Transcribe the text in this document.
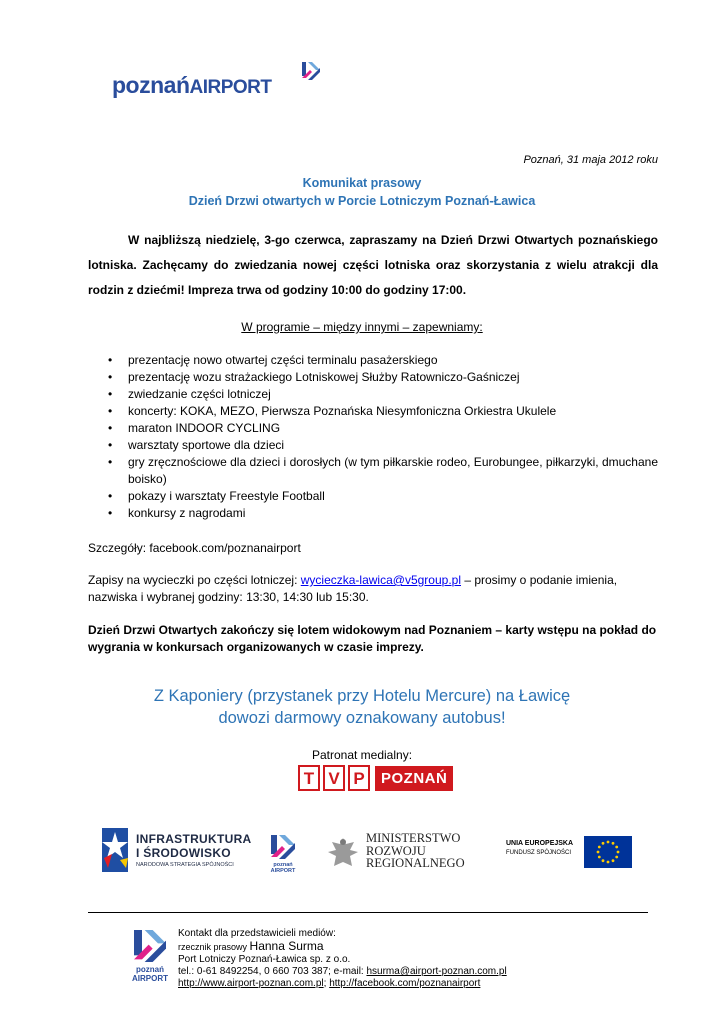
poznańAIRPORT
Poznań, 31 maja 2012 roku
Komunikat prasowy
Dzień Drzwi otwartych w Porcie Lotniczym Poznań-Ławica
W najbliższą niedzielę, 3-go czerwca, zapraszamy na Dzień Drzwi Otwartych poznańskiego lotniska. Zachęcamy do zwiedzania nowej części lotniska oraz skorzystania z wielu atrakcji dla rodzin z dziećmi! Impreza trwa od godziny 10:00 do godziny 17:00.
W programie – między innymi – zapewniamy:
• prezentację nowo otwartej części terminalu pasażerskiego
• prezentację wozu strażackiego Lotniskowej Służby Ratowniczo-Gaśniczej
• zwiedzanie części lotniczej
• koncerty: KOKA, MEZO, Pierwsza Poznańska Niesymfoniczna Orkiestra Ukulele
• maraton INDOOR CYCLING
• warsztaty sportowe dla dzieci
• gry zręcznościowe dla dzieci i dorosłych (w tym piłkarskie rodeo, Eurobungee, piłkarzyki, dmuchane boisko)
• pokazy i warsztaty Freestyle Football
• konkursy z nagrodami
Szczegóły: facebook.com/poznanairport
Zapisy na wycieczki po części lotniczej: wycieczka-lawica@v5group.pl – prosimy o podanie imienia, nazwiska i wybranej godziny: 13:30, 14:30 lub 15:30.
Dzień Drzwi Otwartych zakończy się lotem widokowym nad Poznaniem – karty wstępu na pokład do wygrania w konkursach organizowanych w czasie imprezy.
Z Kaponiery (przystanek przy Hotelu Mercure) na Ławicę
dowozi darmowy oznakowany autobus!
Patronat medialny:
T V P	POZNAŃ
INFRASTRUKTURA
I ŚRODOWISKO
NARODOWA STRATEGIA SPÓJNOŚCI	poznań
AIRPORT
MINISTERSTWO
ROZWOJU
REGIONALNEGO
UNIA EUROPEJSKA
FUNDUSZ SPÓJNOŚCI
poznań
AIRPORT
Kontakt dla przedstawicieli mediów:
rzecznik prasowy Hanna Surma
Port Lotniczy Poznań-Ławica sp. z o.o.
tel.: 0-61 8492254, 0 660 703 387; e-mail: hsurma@airport-poznan.com.pl
http://www.airport-poznan.com.pl; http://facebook.com/poznanairport
